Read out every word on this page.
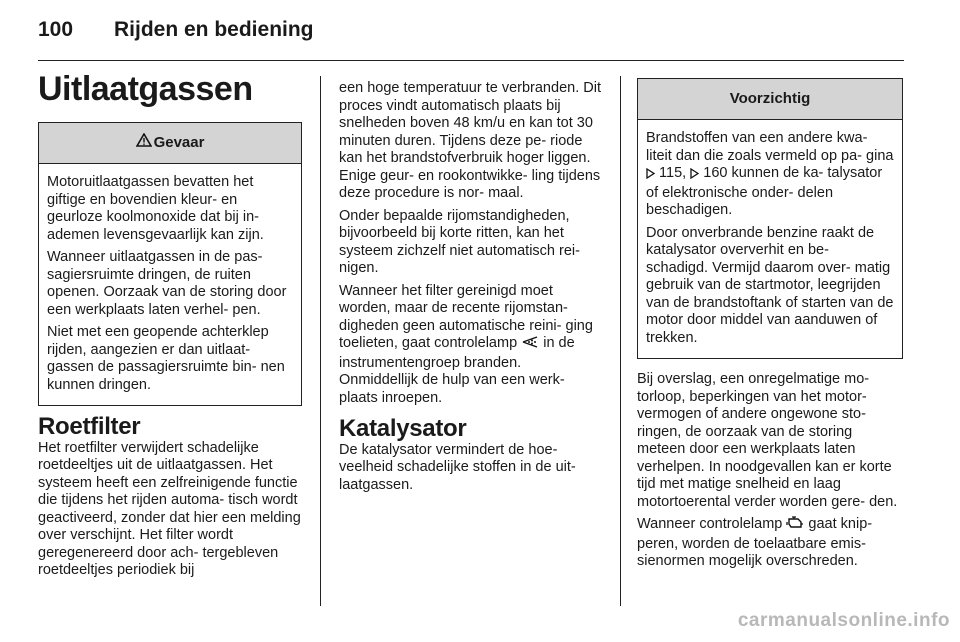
100 Rijden en bediening
Uitlaatgassen
Gevaar

Motoruitlaatgassen bevatten het giftige en bovendien kleur- en geurloze koolmonoxide dat bij in- ademen levensgevaarlijk kan zijn.

Wanneer uitlaatgassen in de pas- sagiersruimte dringen, de ruiten openen. Oorzaak van de storing door een werkplaats laten verhel- pen.

Niet met een geopende achterklep rijden, aangezien er dan uitlaat- gassen de passagiersruimte bin- nen kunnen dringen.

Roetfilter

Het roetfilter verwijdert schadelijke roetdeeltjes uit de uitlaatgassen. Het systeem heeft een zelfreinigende functie die tijdens het rijden automa- tisch wordt geactiveerd, zonder dat hier een melding over verschijnt. Het filter wordt geregenereerd door ach- tergebleven roetdeeltjes periodiek bij

een hoge temperatuur te verbranden. Dit proces vindt automatisch plaats bij snelheden boven 48 km/u en kan tot 30 minuten duren. Tijdens deze pe- riode kan het brandstofverbruik hoger liggen. Enige geur- en rookontwikke- ling tijdens deze procedure is nor- maal.

Onder bepaalde rijomstandigheden, bijvoorbeeld bij korte ritten, kan het systeem zichzelf niet automatisch rei- nigen.

Wanneer het filter gereinigd moet worden, maar de recente rijomstan- digheden geen automatische reini- ging toelieten, gaat controlelamp in de instrumentengroep branden. Onmiddellijk de hulp van een werk- plaats inroepen.

Katalysator

De katalysator vermindert de hoe- veelheid schadelijke stoffen in de uit- laatgassen.

Voorzichtig

Brandstoffen van een andere kwa- liteit dan die zoals vermeld op pa- gina  115, 160 kunnen de ka- talysator of elektronische onder- delen beschadigen.

Door onverbrande benzine raakt de katalysator oververhit en be- schadigd. Vermijd daarom over- matig gebruik van de startmotor, leegrijden van de brandstoftank of starten van de motor door middel van aanduwen of trekken.

Bij overslag, een onregelmatige mo- torloop, beperkingen van het motor- vermogen of andere ongewone sto- ringen, de oorzaak van de storing meteen door een werkplaats laten verhelpen. In noodgevallen kan er korte tijd met matige snelheid en laag motortoerental verder worden gere- den.

Wanneer controlelamp gaat knip- peren, worden de toelaatbare emis- sienormen mogelijk overschreden.

carmanualsonline.info
